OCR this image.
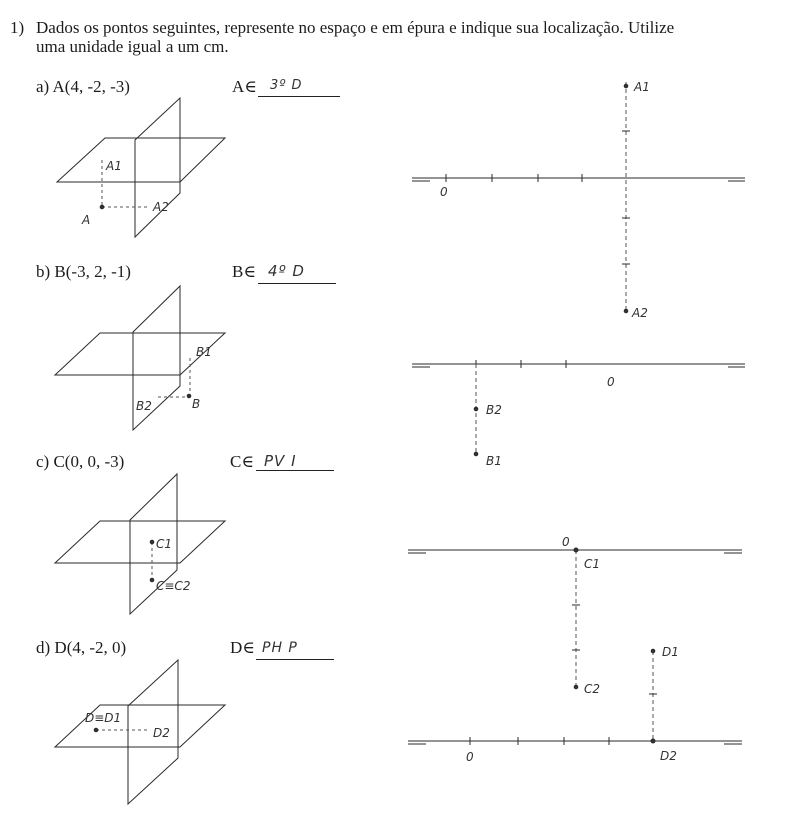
1) Dados os pontos seguintes, represente no espaço e em épura e indique sua localização. Utilize
uma unidade igual a um cm.
a) A(4, -2, -3)	A∈ 3º D
b) B(-3, 2, -1)	B∈ 4º D
c) C(0, 0, -3)	C∈ PV I
d) D(4, -2, 0)	D∈ PH P
A1
A2
A
B1
B2	B
C1
C≡C2
D≡D1
D2
0
A1
A2
0
B2
B1
0
C1
C2
D1
D2
0
